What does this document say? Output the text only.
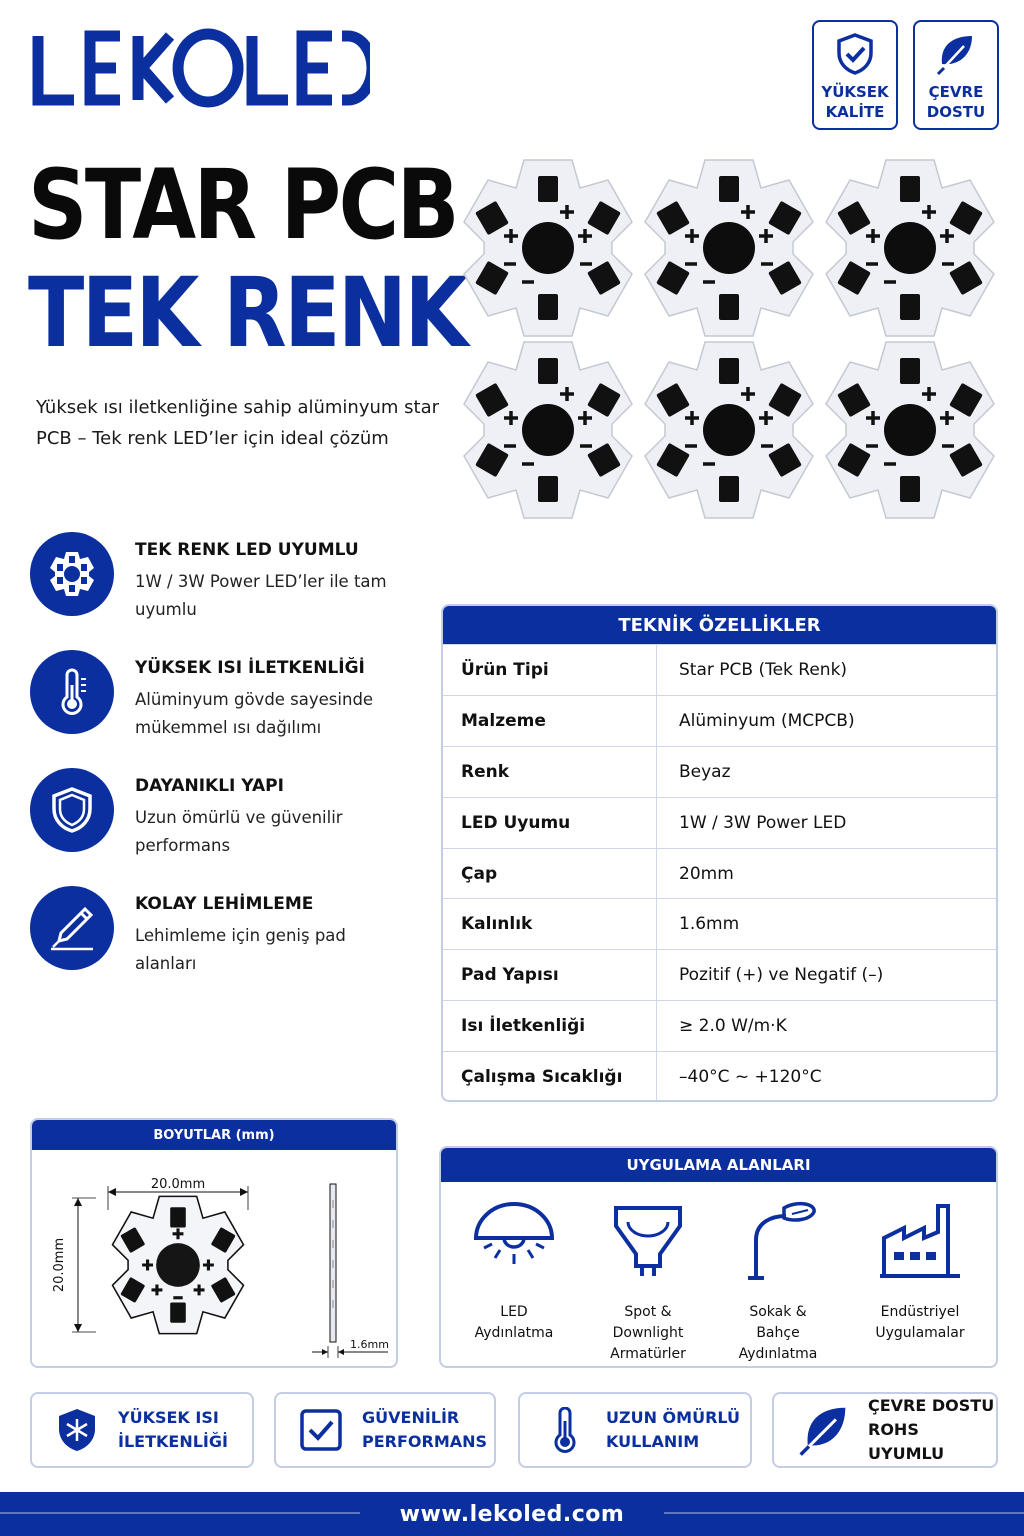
YÜKSEK
KALİTE
ÇEVRE
DOSTU
STAR PCB
TEK RENK
Yüksek ısı iletkenliğine sahip alüminyum star PCB – Tek renk LED’ler için ideal çözüm
TEK RENK LED UYUMLU
1W / 3W Power LED’ler ile tam uyumlu
YÜKSEK ISI İLETKENLİĞİ
Alüminyum gövde sayesinde mükemmel ısı dağılımı
DAYANIKLI YAPI
Uzun ömürlü ve güvenilir performans
KOLAY LEHİMLEME
Lehimleme için geniş pad alanları
TEKNİK ÖZELLİKLER
Ürün Tipi	Star PCB (Tek Renk)
Malzeme	Alüminyum (MCPCB)
Renk	Beyaz
LED Uyumu	1W / 3W Power LED
Çap	20mm
Kalınlık	1.6mm
Pad Yapısı	Pozitif (+) ve Negatif (–)
Isı İletkenliği	≥ 2.0 W/m·K
Çalışma Sıcaklığı	–40°C ~ +120°C
BOYUTLAR (mm)
20.0mm
20.0mm
1.6mm
UYGULAMA ALANLARI
LED
Aydınlatma
Spot &
Downlight
Armatürler
Sokak &
Bahçe
Aydınlatma
Endüstriyel
Uygulamalar
YÜKSEK ISI
İLETKENLİĞİ
GÜVENİLİR
PERFORMANS
UZUN ÖMÜRLÜ
KULLANIM
ÇEVRE DOSTU
ROHS UYUMLU
www.lekoled.com
